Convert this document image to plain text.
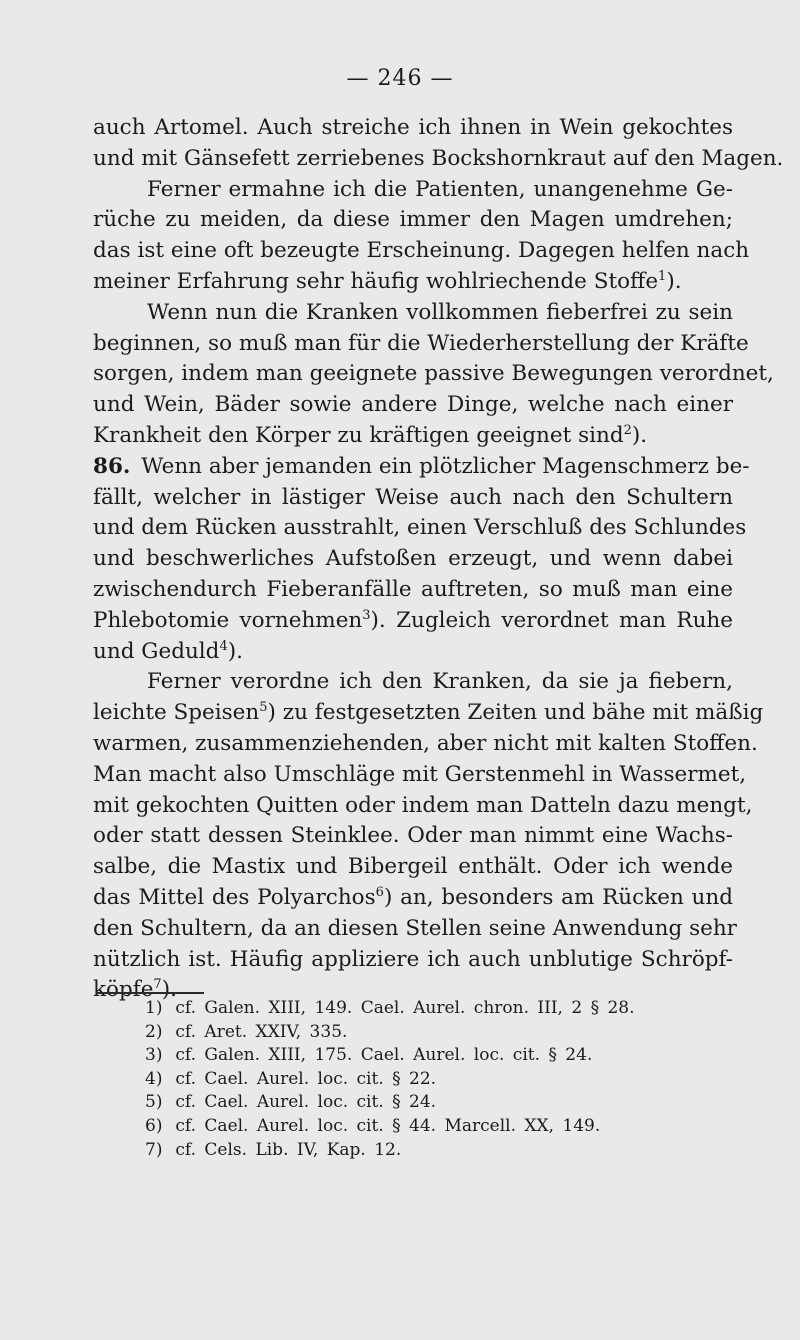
— 246 —
auch Artomel. Auch streiche ich ihnen in Wein gekochtes
und mit Gänsefett zerriebenes Bockshornkraut auf den Magen.
Ferner ermahne ich die Patienten, unangenehme Ge-
rüche zu meiden, da diese immer den Magen umdrehen;
das ist eine oft bezeugte Erscheinung. Dagegen helfen nach
meiner Erfahrung sehr häufig wohlriechende Stoffe$^1$).
Wenn nun die Kranken vollkommen fieberfrei zu sein
beginnen, so muß man für die Wiederherstellung der Kräfte
sorgen, indem man geeignete passive Bewegungen verordnet,
und Wein, Bäder sowie andere Dinge, welche nach einer
Krankheit den Körper zu kräftigen geeignet sind$^2$).
86. Wenn aber jemanden ein plötzlicher Magenschmerz be-
fällt, welcher in lästiger Weise auch nach den Schultern
und dem Rücken ausstrahlt, einen Verschluß des Schlundes
und beschwerliches Aufstoßen erzeugt, und wenn dabei
zwischendurch Fieberanfälle auftreten, so muß man eine
Phlebotomie vornehmen$^3$). Zugleich verordnet man Ruhe
und Geduld$^4$).
Ferner verordne ich den Kranken, da sie ja fiebern,
leichte Speisen$^5$) zu festgesetzten Zeiten und bähe mit mäßig
warmen, zusammenziehenden, aber nicht mit kalten Stoffen.
Man macht also Umschläge mit Gerstenmehl in Wassermet,
mit gekochten Quitten oder indem man Datteln dazu mengt,
oder statt dessen Steinklee. Oder man nimmt eine Wachs-
salbe, die Mastix und Bibergeil enthält. Oder ich wende
das Mittel des Polyarchos$^6$) an, besonders am Rücken und
den Schultern, da an diesen Stellen seine Anwendung sehr
nützlich ist. Häufig appliziere ich auch unblutige Schröpf-
köpfe$^7$).
1) cf. Galen. XIII, 149. Cael. Aurel. chron. III, 2 § 28.
2) cf. Aret. XXIV, 335.
3) cf. Galen. XIII, 175. Cael. Aurel. loc. cit. § 24.
4) cf. Cael. Aurel. loc. cit. § 22.
5) cf. Cael. Aurel. loc. cit. § 24.
6) cf. Cael. Aurel. loc. cit. § 44. Marcell. XX, 149.
7) cf. Cels. Lib. IV, Kap. 12.
